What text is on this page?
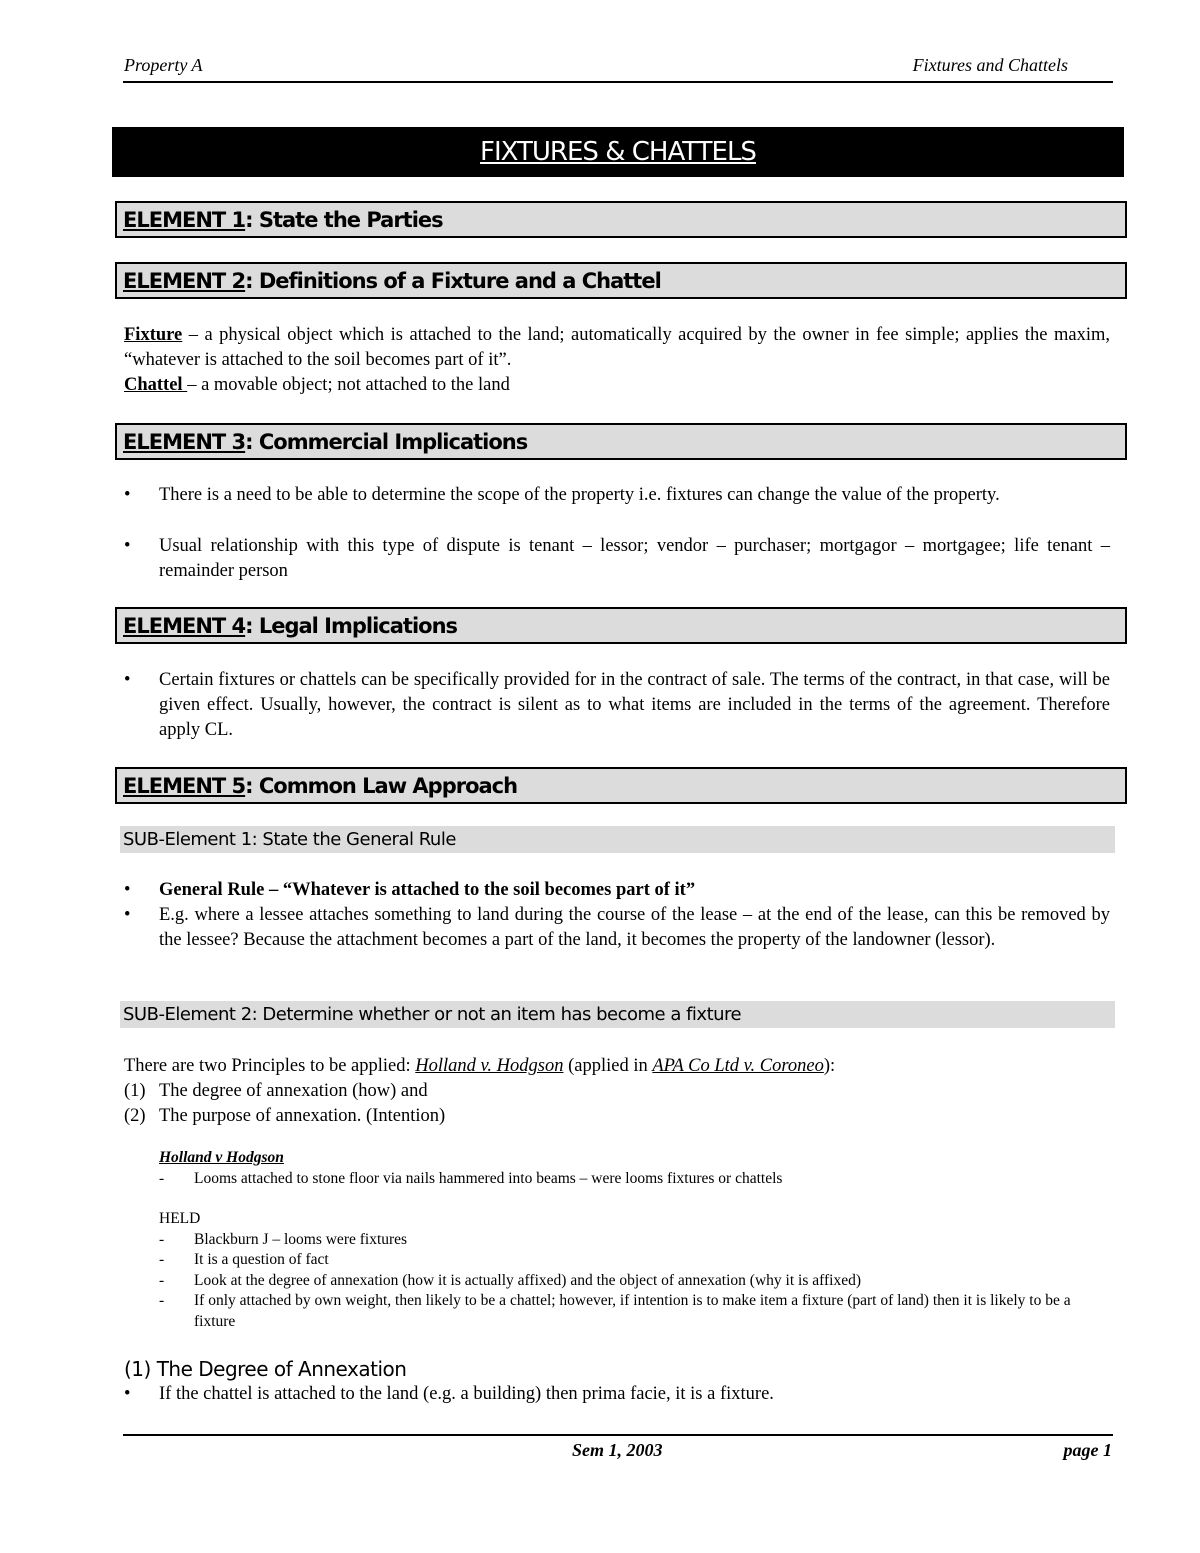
Property A	Fixtures and Chattels
FIXTURES & CHATTELS
ELEMENT 1: State the Parties
ELEMENT 2: Definitions of a Fixture and a Chattel
Fixture – a physical object which is attached to the land; automatically acquired by the owner in fee simple; applies the maxim, “whatever is attached to the soil becomes part of it”.
Chattel – a movable object; not attached to the land
ELEMENT 3: Commercial Implications
•	There is a need to be able to determine the scope of the property i.e. fixtures can change the value of the property.
•	Usual relationship with this type of dispute is tenant – lessor; vendor – purchaser; mortgagor – mortgagee; life tenant – remainder person
ELEMENT 4: Legal Implications
•	Certain fixtures or chattels can be specifically provided for in the contract of sale. The terms of the contract, in that case, will be given effect. Usually, however, the contract is silent as to what items are included in the terms of the agreement. Therefore apply CL.
ELEMENT 5: Common Law Approach
SUB-Element 1: State the General Rule
•	General Rule – “Whatever is attached to the soil becomes part of it”
•	E.g. where a lessee attaches something to land during the course of the lease – at the end of the lease, can this be removed by the lessee? Because the attachment becomes a part of the land, it becomes the property of the landowner (lessor).
SUB-Element 2: Determine whether or not an item has become a fixture
There are two Principles to be applied: Holland v. Hodgson (applied in APA Co Ltd v. Coroneo):
(1) The degree of annexation (how) and
(2) The purpose of annexation. (Intention)
Holland v Hodgson
- Looms attached to stone floor via nails hammered into beams – were looms fixtures or chattels
HELD
- Blackburn J – looms were fixtures
- It is a question of fact
- Look at the degree of annexation (how it is actually affixed) and the object of annexation (why it is affixed)
- If only attached by own weight, then likely to be a chattel; however, if intention is to make item a fixture (part of land) then it is likely to be a fixture
(1) The Degree of Annexation
•	If the chattel is attached to the land (e.g. a building) then prima facie, it is a fixture.
Sem 1, 2003	page 1
